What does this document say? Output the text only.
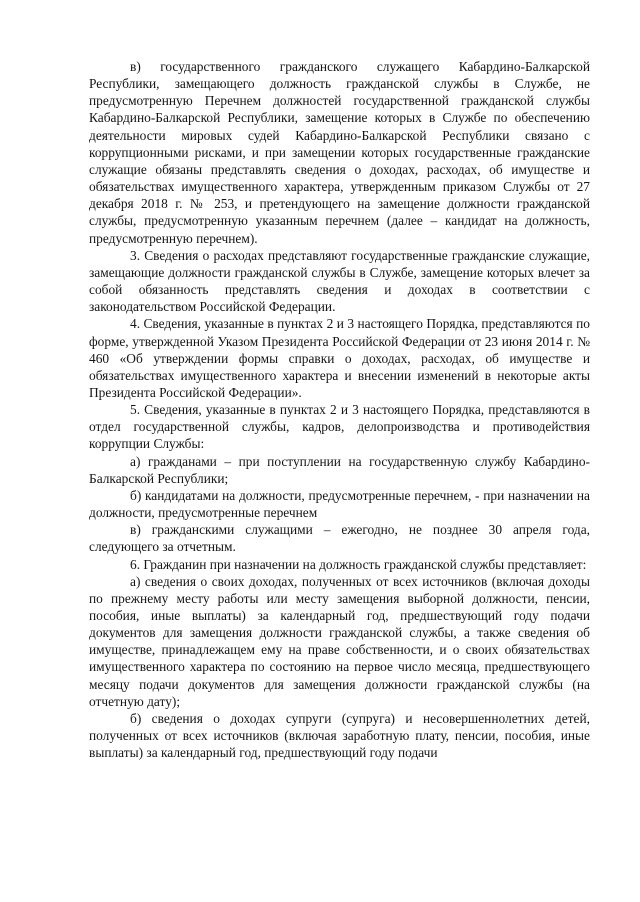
в) государственного гражданского служащего Кабардино-Балкарской Республики, замещающего должность гражданской службы в Службе, не предусмотренную Перечнем должностей государственной гражданской службы Кабардино-Балкарской Республики, замещение которых в Службе по обеспечению деятельности мировых судей Кабардино-Балкарской Республики связано с коррупционными рисками, и при замещении которых государственные гражданские служащие обязаны представлять сведения о доходах, расходах, об имуществе и обязательствах имущественного характера, утвержденным приказом Службы от 27 декабря 2018 г. № 253, и претендующего на замещение должности гражданской службы, предусмотренную указанным перечнем (далее – кандидат на должность, предусмотренную перечнем).

3. Сведения о расходах представляют государственные гражданские служащие, замещающие должности гражданской службы в Службе, замещение которых влечет за собой обязанность представлять сведения и доходах в соответствии с законодательством Российской Федерации.

4. Сведения, указанные в пунктах 2 и 3 настоящего Порядка, представляются по форме, утвержденной Указом Президента Российской Федерации от 23 июня 2014 г. № 460 «Об утверждении формы справки о доходах, расходах, об имуществе и обязательствах имущественного характера и внесении изменений в некоторые акты Президента Российской Федерации».

5. Сведения, указанные в пунктах 2 и 3 настоящего Порядка, представляются в отдел государственной службы, кадров, делопроизводства и противодействия коррупции Службы:

а) гражданами – при поступлении на государственную службу Кабардино-Балкарской Республики;

б) кандидатами на должности, предусмотренные перечнем, - при назначении на должности, предусмотренные перечнем

в) гражданскими служащими – ежегодно, не позднее 30 апреля года, следующего за отчетным.

6. Гражданин при назначении на должность гражданской службы представляет:

а) сведения о своих доходах, полученных от всех источников (включая доходы по прежнему месту работы или месту замещения выборной должности, пенсии, пособия, иные выплаты) за календарный год, предшествующий году подачи документов для замещения должности гражданской службы, а также сведения об имуществе, принадлежащем ему на праве собственности, и о своих обязательствах имущественного характера по состоянию на первое число месяца, предшествующего месяцу подачи документов для замещения должности гражданской службы (на отчетную дату);

б) сведения о доходах супруги (супруга) и несовершеннолетних детей, полученных от всех источников (включая заработную плату, пенсии, пособия, иные выплаты) за календарный год, предшествующий году подачи
